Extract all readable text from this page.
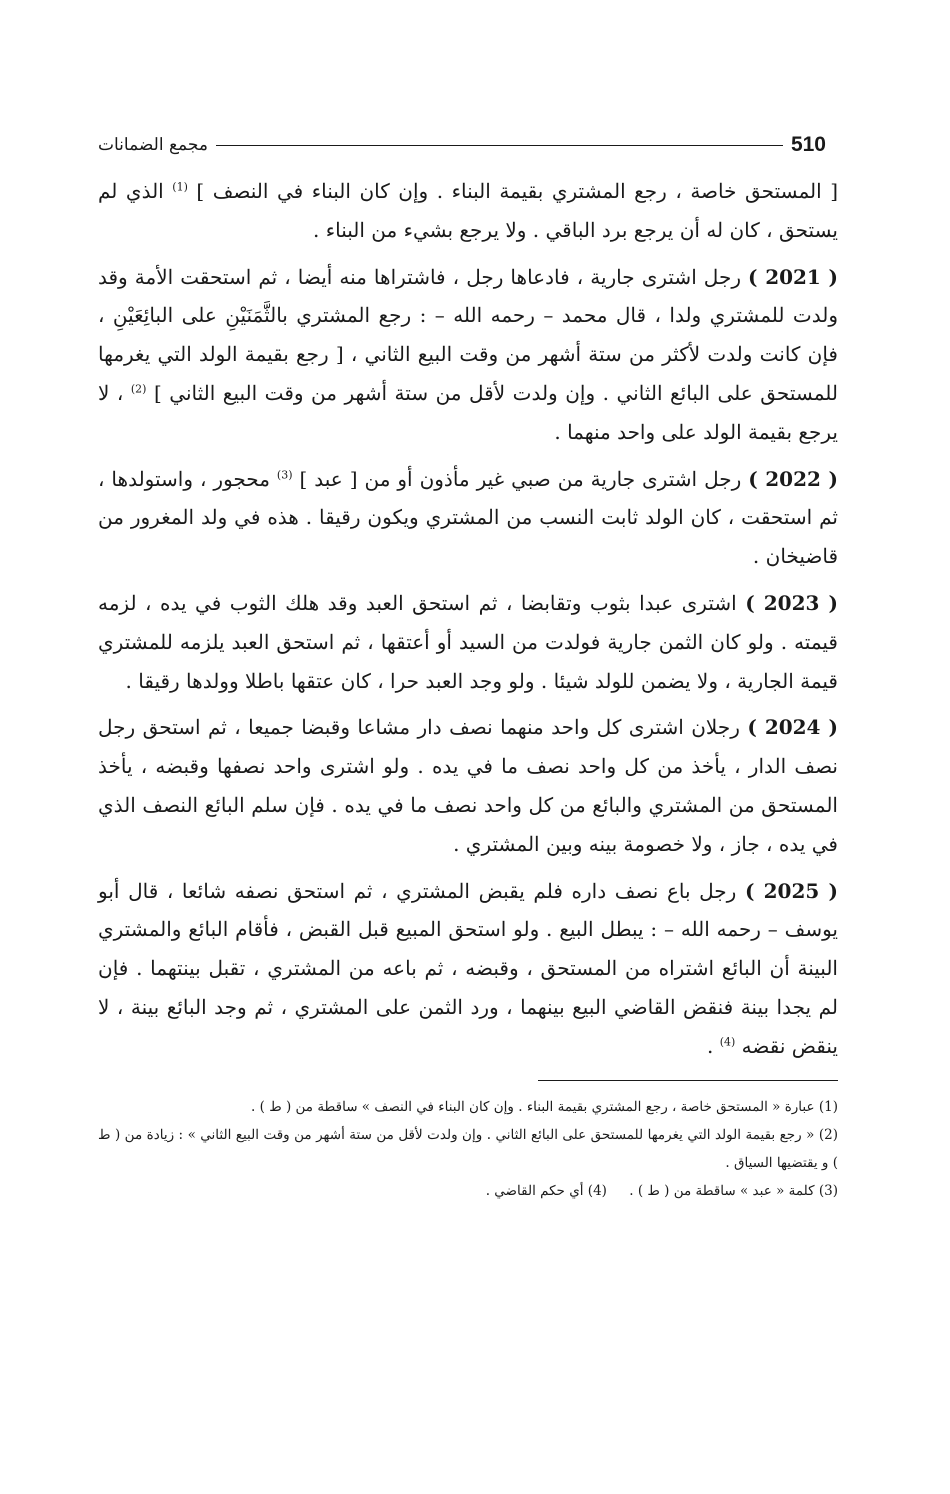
510
مجمع الضمانات

[ المستحق خاصة ، رجع المشتري بقيمة البناء . وإن كان البناء في النصف ] $^{(1)}$ الذي لم يستحق ، كان له أن يرجع برد الباقي . ولا يرجع بشيء من البناء .

( 2021 ) رجل اشترى جارية ، فادعاها رجل ، فاشتراها منه أيضا ، ثم استحقت الأمة وقد ولدت للمشتري ولدا ، قال محمد – رحمه الله – : رجع المشتري بالثَّمَنَيْنِ على البائِعَيْنِ ، فإن كانت ولدت لأكثر من ستة أشهر من وقت البيع الثاني ، [ رجع بقيمة الولد التي يغرمها للمستحق على البائع الثاني . وإن ولدت لأقل من ستة أشهر من وقت البيع الثاني ] $^{(2)}$ ، لا يرجع بقيمة الولد على واحد منهما .

( 2022 ) رجل اشترى جارية من صبي غير مأذون أو من [ عبد ] $^{(3)}$ محجور ، واستولدها ، ثم استحقت ، كان الولد ثابت النسب من المشتري ويكون رقيقا . هذه في ولد المغرور من قاضيخان .

( 2023 ) اشترى عبدا بثوب وتقابضا ، ثم استحق العبد وقد هلك الثوب في يده ، لزمه قيمته . ولو كان الثمن جارية فولدت من السيد أو أعتقها ، ثم استحق العبد يلزمه للمشتري قيمة الجارية ، ولا يضمن للولد شيئا . ولو وجد العبد حرا ، كان عتقها باطلا وولدها رقيقا .

( 2024 ) رجلان اشترى كل واحد منهما نصف دار مشاعا وقبضا جميعا ، ثم استحق رجل نصف الدار ، يأخذ من كل واحد نصف ما في يده . ولو اشترى واحد نصفها وقبضه ، يأخذ المستحق من المشتري والبائع من كل واحد نصف ما في يده . فإن سلم البائع النصف الذي في يده ، جاز ، ولا خصومة بينه وبين المشتري .

( 2025 ) رجل باع نصف داره فلم يقبض المشتري ، ثم استحق نصفه شائعا ، قال أبو يوسف – رحمه الله – : يبطل البيع . ولو استحق المبيع قبل القبض ، فأقام البائع والمشتري البينة أن البائع اشتراه من المستحق ، وقبضه ، ثم باعه من المشتري ، تقبل بينتهما . فإن لم يجدا بينة فنقض القاضي البيع بينهما ، ورد الثمن على المشتري ، ثم وجد البائع بينة ، لا ينقض نقضه $^{(4)}$ .

(1) عبارة « المستحق خاصة ، رجع المشتري بقيمة البناء . وإن كان البناء في النصف » ساقطة من ( ط ) .

(2) « رجع بقيمة الولد التي يغرمها للمستحق على البائع الثاني . وإن ولدت لأقل من ستة أشهر من وقت البيع الثاني » : زيادة من ( ط ) و يقتضيها السياق .

(3) كلمة « عبد » ساقطة من ( ط ) . (4) أي حكم القاضي .
